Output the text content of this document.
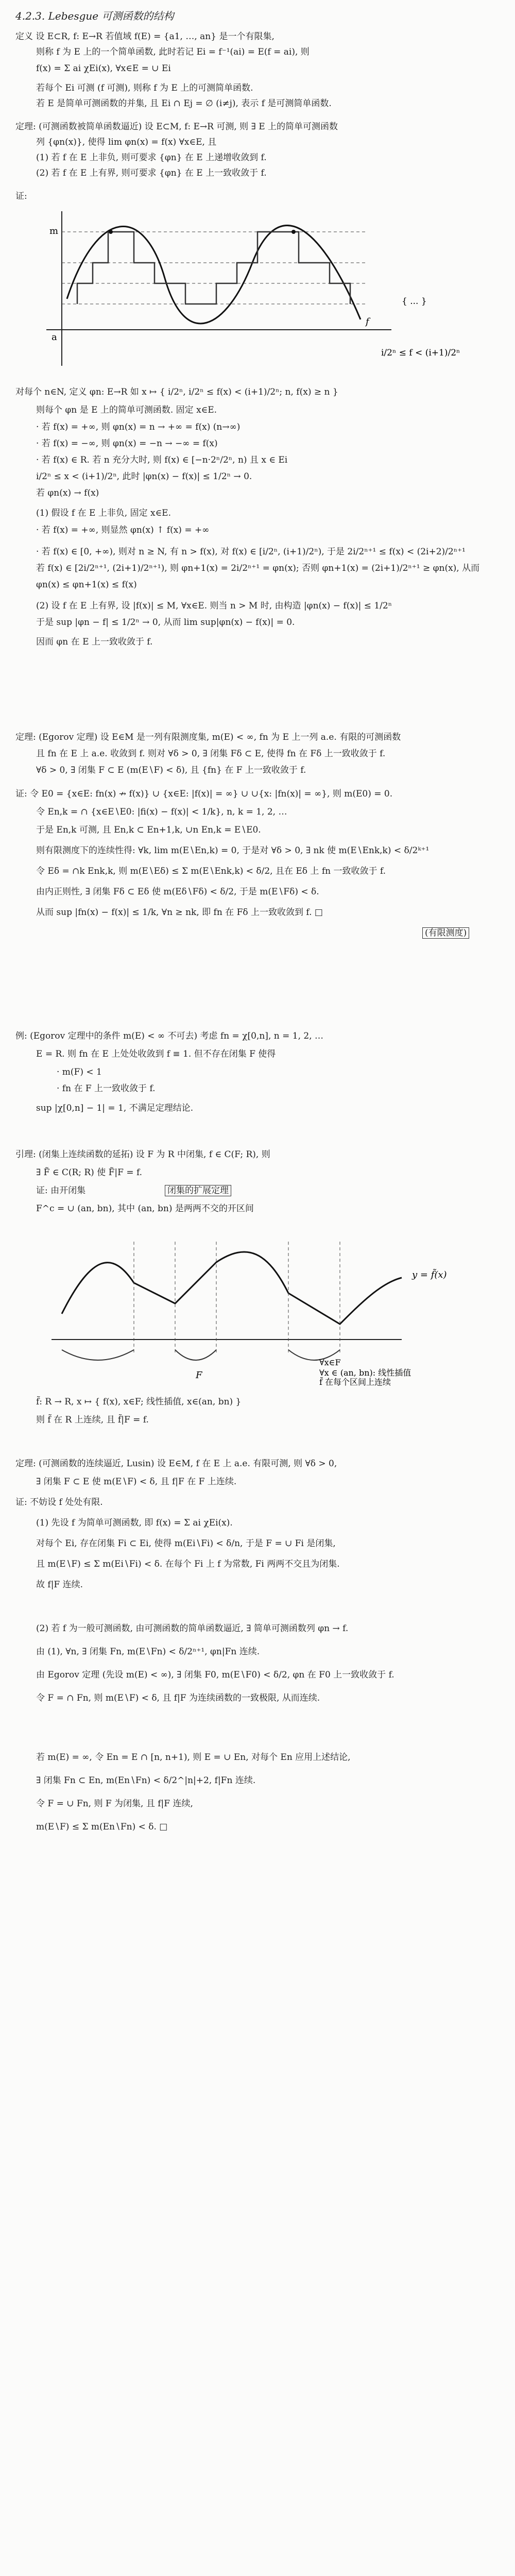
4.2.3. Lebesgue 可测函数的结构
定义 设 E⊂R, f: E→R 若值域 f(E) = {a1, …, an} 是一个有限集,
则称 f 为 E 上的一个简单函数, 此时若记 Ei = f⁻¹(ai) = E(f = ai), 则
f(x) = Σ ai χEi(x), ∀x∈E = ∪ Ei
若每个 Ei 可测 (f 可测), 则称 f 为 E 上的可测简单函数.
若 E 是简单可测函数的并集, 且 Ei ∩ Ej = ∅ (i≠j), 表示 f 是可测简单函数.
定理: (可测函数被简单函数逼近) 设 E⊂M, f: E→R 可测, 则 ∃ E 上的简单可测函数
列 {φn(x)}, 使得 lim φn(x) = f(x) ∀x∈E, 且
(1) 若 f 在 E 上非负, 则可要求 {φn} 在 E 上递增收敛到 f.
(2) 若 f 在 E 上有界, 则可要求 {φn} 在 E 上一致收敛于 f.
证:
m
a
f
{ ... }
i/2ⁿ ≤ f < (i+1)/2ⁿ
对每个 n∈N, 定义 φn: E→R 如 x ↦ { i/2ⁿ, i/2ⁿ ≤ f(x) < (i+1)/2ⁿ; n, f(x) ≥ n }
则每个 φn 是 E 上的简单可测函数. 固定 x∈E.
· 若 f(x) = +∞, 则 φn(x) = n → +∞ = f(x) (n→∞)
· 若 f(x) = −∞, 则 φn(x) = −n → −∞ = f(x)
· 若 f(x) ∈ R. 若 n 充分大时, 则 f(x) ∈ [−n·2ⁿ/2ⁿ, n) 且 x ∈ Ei
i/2ⁿ ≤ x < (i+1)/2ⁿ, 此时 |φn(x) − f(x)| ≤ 1/2ⁿ → 0.
若 φn(x) → f(x)
(1) 假设 f 在 E 上非负, 固定 x∈E.
· 若 f(x) = +∞, 则显然 φn(x) ↑ f(x) = +∞
· 若 f(x) ∈ [0, +∞), 则对 n ≥ N, 有 n > f(x), 对 f(x) ∈ [i/2ⁿ, (i+1)/2ⁿ), 于是 2i/2ⁿ⁺¹ ≤ f(x) < (2i+2)/2ⁿ⁺¹
若 f(x) ∈ [2i/2ⁿ⁺¹, (2i+1)/2ⁿ⁺¹), 则 φn+1(x) = 2i/2ⁿ⁺¹ = φn(x); 否则 φn+1(x) = (2i+1)/2ⁿ⁺¹ ≥ φn(x), 从而
φn(x) ≤ φn+1(x) ≤ f(x)
(2) 设 f 在 E 上有界, 设 |f(x)| ≤ M, ∀x∈E. 则当 n > M 时, 由构造 |φn(x) − f(x)| ≤ 1/2ⁿ
于是 sup |φn − f| ≤ 1/2ⁿ → 0, 从而 lim sup|φn(x) − f(x)| = 0.
因而 φn 在 E 上一致收敛于 f.
定理: (Egorov 定理) 设 E∈M 是一列有限测度集, m(E) < ∞, fn 为 E 上一列 a.e. 有限的可测函数
且 fn 在 E 上 a.e. 收敛到 f. 则对 ∀δ > 0, ∃ 闭集 Fδ ⊂ E, 使得 fn 在 Fδ 上一致收敛于 f.
∀δ > 0, ∃ 闭集 F ⊂ E (m(E∖F) < δ), 且 {fn} 在 F 上一致收敛于 f.
证: 令 E0 = {x∈E: fn(x) ↛ f(x)} ∪ {x∈E: |f(x)| = ∞} ∪ ∪{x: |fn(x)| = ∞}, 则 m(E0) = 0.
令 En,k = ∩ {x∈E∖E0: |fi(x) − f(x)| < 1/k}, n, k = 1, 2, …
于是 En,k 可测, 且 En,k ⊂ En+1,k, ∪n En,k = E∖E0.
则有限测度下的连续性得: ∀k, lim m(E∖En,k) = 0, 于是对 ∀δ > 0, ∃ nk 使 m(E∖Enk,k) < δ/2ᵏ⁺¹
令 Eδ = ∩k Enk,k, 则 m(E∖Eδ) ≤ Σ m(E∖Enk,k) < δ/2, 且在 Eδ 上 fn 一致收敛于 f.
由内正则性, ∃ 闭集 Fδ ⊂ Eδ 使 m(Eδ∖Fδ) < δ/2, 于是 m(E∖Fδ) < δ.
从而 sup |fn(x) − f(x)| ≤ 1/k, ∀n ≥ nk, 即 fn 在 Fδ 上一致收敛到 f. □
(有限测度)
例: (Egorov 定理中的条件 m(E) < ∞ 不可去) 考虑 fn = χ[0,n], n = 1, 2, …
E = R. 则 fn 在 E 上处处收敛到 f ≡ 1. 但不存在闭集 F 使得
· m(F) < 1
· fn 在 F 上一致收敛于 f.
sup |χ[0,n] − 1| = 1, 不满足定理结论.
引理: (闭集上连续函数的延拓) 设 F 为 R 中闭集, f ∈ C(F; R), 则
∃ F̃ ∈ C(R; R) 使 F̃|F = f.
证: 由开闭集	闭集的扩展定理
F^c = ∪ (an, bn), 其中 (an, bn) 是两两不交的开区间
y = f̃(x)
F
∀x∈F
∀x ∈ (an, bn): 线性插值
f̃ 在每个区间上连续
f̃: R → R, x ↦ { f(x), x∈F; 线性插值, x∈(an, bn) }
则 f̃ 在 R 上连续, 且 f̃|F = f.
定理: (可测函数的连续逼近, Lusin) 设 E∈M, f 在 E 上 a.e. 有限可测, 则 ∀δ > 0,
∃ 闭集 F ⊂ E 使 m(E∖F) < δ, 且 f|F 在 F 上连续.
证: 不妨设 f 处处有限.
(1) 先设 f 为简单可测函数, 即 f(x) = Σ ai χEi(x).
对每个 Ei, 存在闭集 Fi ⊂ Ei, 使得 m(Ei∖Fi) < δ/n, 于是 F = ∪ Fi 是闭集,
且 m(E∖F) ≤ Σ m(Ei∖Fi) < δ. 在每个 Fi 上 f 为常数, Fi 两两不交且为闭集.
故 f|F 连续.
(2) 若 f 为一般可测函数, 由可测函数的简单函数逼近, ∃ 简单可测函数列 φn → f.
由 (1), ∀n, ∃ 闭集 Fn, m(E∖Fn) < δ/2ⁿ⁺¹, φn|Fn 连续.
由 Egorov 定理 (先设 m(E) < ∞), ∃ 闭集 F0, m(E∖F0) < δ/2, φn 在 F0 上一致收敛于 f.
令 F = ∩ Fn, 则 m(E∖F) < δ, 且 f|F 为连续函数的一致极限, 从而连续.
若 m(E) = ∞, 令 En = E ∩ [n, n+1), 则 E = ∪ En, 对每个 En 应用上述结论,
∃ 闭集 Fn ⊂ En, m(En∖Fn) < δ/2^|n|+2, f|Fn 连续.
令 F = ∪ Fn, 则 F 为闭集, 且 f|F 连续,
m(E∖F) ≤ Σ m(En∖Fn) < δ. □
